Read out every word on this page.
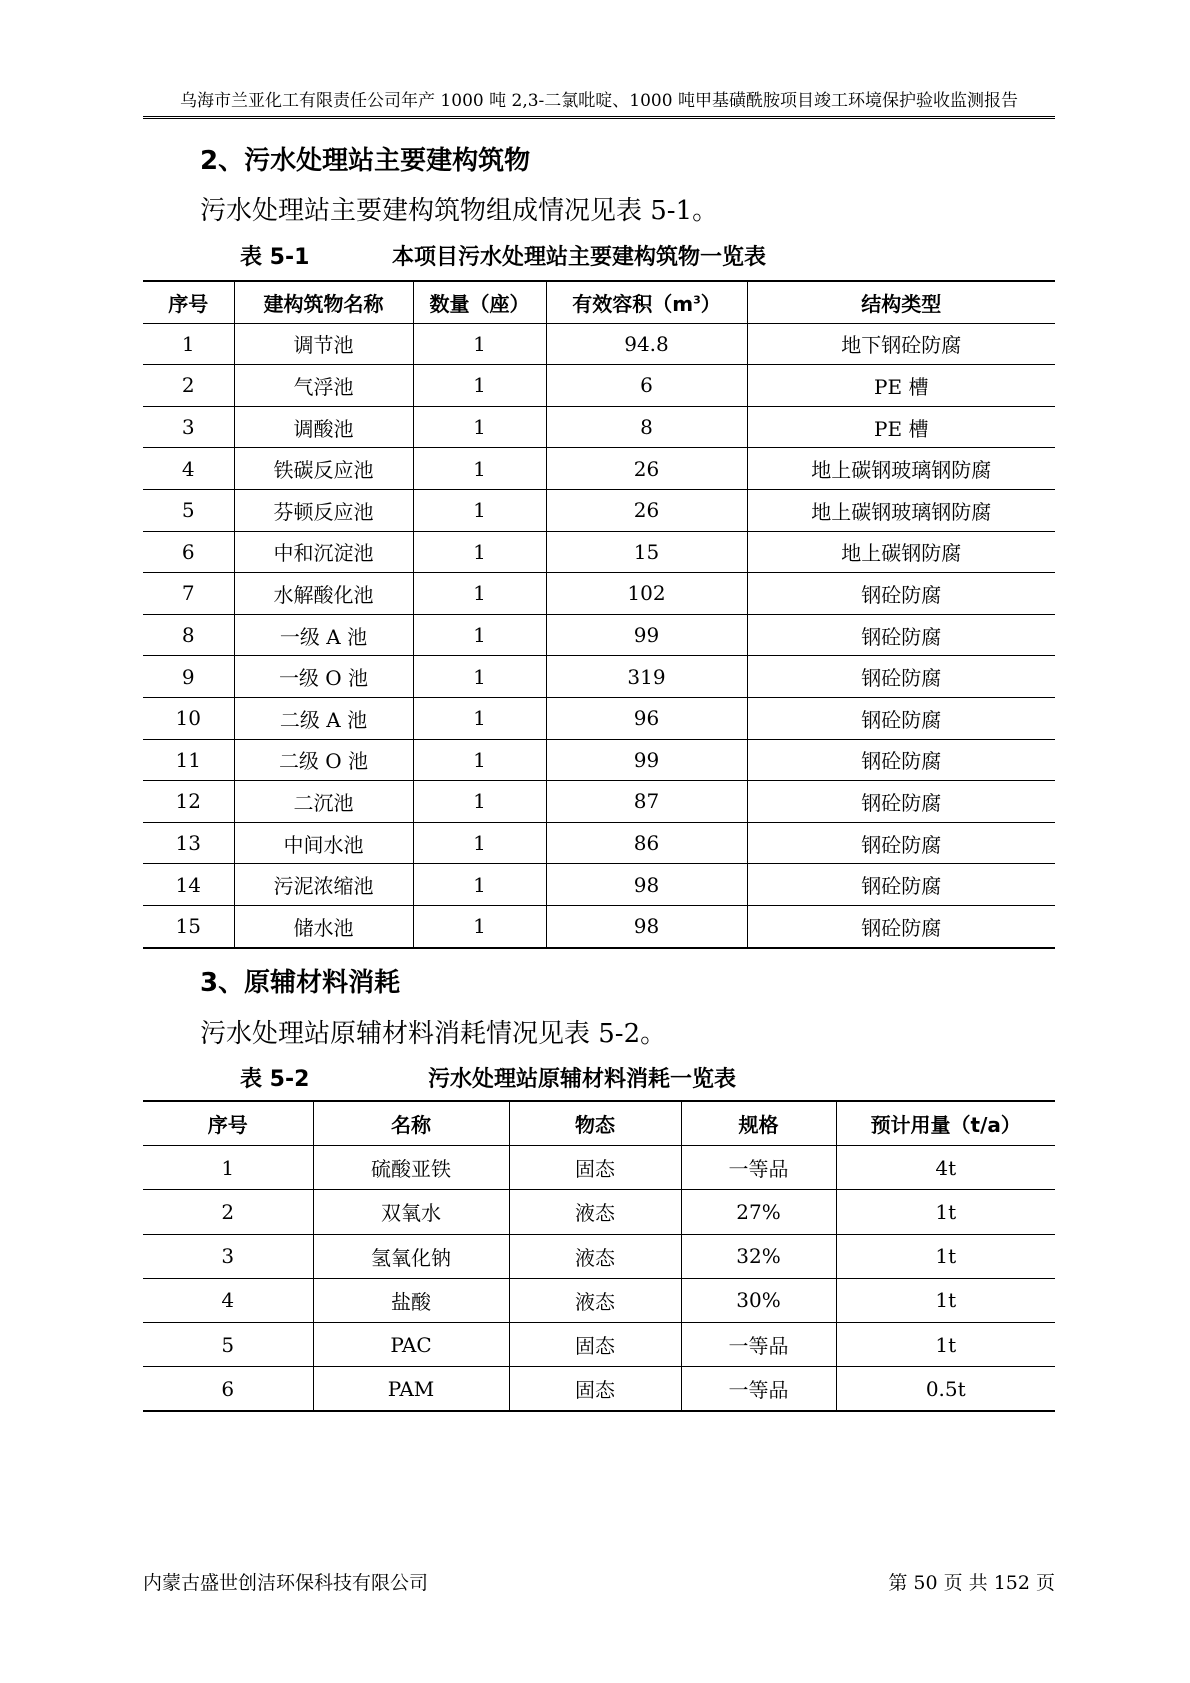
乌海市兰亚化工有限责任公司年产 1000 吨 2,3-二氯吡啶、1000 吨甲基磺酰胺项目竣工环境保护验收监测报告
2、污水处理站主要建构筑物
污水处理站主要建构筑物组成情况见表 5-1。
表 5-1	本项目污水处理站主要建构筑物一览表
序号	建构筑物名称	数量（座）	有效容积$(m^3)$	结构类型
1	调节池	1	94.8	地下钢砼防腐
2	气浮池	1	6	PE 槽
3	调酸池	1	8	PE 槽
4	铁碳反应池	1	26	地上碳钢玻璃钢防腐
5	芬顿反应池	1	26	地上碳钢玻璃钢防腐
6	中和沉淀池	1	15	地上碳钢防腐
7	水解酸化池	1	102	钢砼防腐
8	一级 A 池	1	99	钢砼防腐
9	一级 O 池	1	319	钢砼防腐
10	二级 A 池	1	96	钢砼防腐
11	二级 O 池	1	99	钢砼防腐
12	二沉池	1	87	钢砼防腐
13	中间水池	1	86	钢砼防腐
14	污泥浓缩池	1	98	钢砼防腐
15	储水池	1	98	钢砼防腐
3、原辅材料消耗
污水处理站原辅材料消耗情况见表 5-2。
表 5-2	污水处理站原辅材料消耗一览表
序号	名称	物态	规格	预计用量（t/a）
1	硫酸亚铁	固态	一等品	4t
2	双氧水	液态	27%	1t
3	氢氧化钠	液态	32%	1t
4	盐酸	液态	30%	1t
5	PAC	固态	一等品	1t
6	PAM	固态	一等品	0.5t
内蒙古盛世创洁环保科技有限公司	第 50 页 共 152 页
